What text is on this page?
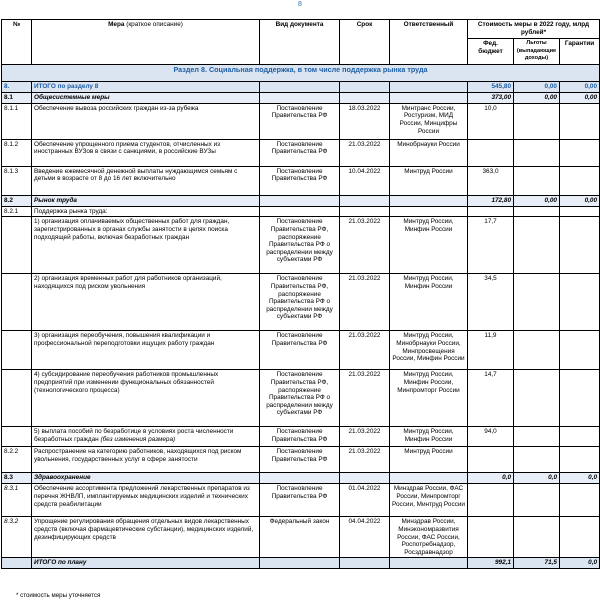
8
№	Мера (краткое описание)	Вид документа	Срок	Ответственный	Стоимость меры в 2022 году, млрд рублей*		
					Фед. бюджет	Льготы (выпадающие доходы)	Гарантии
Раздел 8. Социальная поддержка, в том числе поддержка рынка труда							
8.	ИТОГО по разделу 8				545,80	0,00	0,00
8.1	Общесистемные меры				373,00	0,00	0,00
8.1.1	Обеспечение вывоза российских граждан из-за рубежа	Постановление Правительства РФ	18.03.2022	Минтранс России, Ростуризм, МИД России, Минцифры России	10,0		
8.1.2	Обеспечение упрощенного приема студентов, отчисленных из иностранных ВУЗов в связи с санкциями, в российские ВУЗы	Постановление Правительства РФ	21.03.2022	Минобрнауки России			
8.1.3	Введение ежемесячной денежной выплаты нуждающимся семьям с детьми в возрасте от 8 до 16 лет включительно	Постановление Правительства РФ	10.04.2022	Минтруд России	363,0		
8.2	Рынок труда				172,80	0,00	0,00
8.2.1	Поддержка рынка труда:						
	1) организация оплачиваемых общественных работ для граждан, зарегистрированных в органах службы занятости в целях поиска подходящей работы, включая безработных граждан	Постановление Правительства РФ, распоряжение Правительства РФ о распределении между субъектами РФ	21.03.2022	Минтруд России, Минфин России	17,7		
	2) организация временных работ для работников организаций, находящихся под риском увольнения	Постановление Правительства РФ, распоряжение Правительства РФ о распределении между субъектами РФ	21.03.2022	Минтруд России, Минфин России	34,5		
	3) организация переобучения, повышения квалификации и профессиональной переподготовки ищущих работу граждан	Постановление Правительства РФ	21.03.2022	Минтруд России, Минобрнауки России, Минпросвещения России, Минфин России	11,9		
	4) субсидирование переобучения работников промышленных предприятий при изменении функциональных обязанностей (технологического процесса)	Постановление Правительства РФ, распоряжение Правительства РФ о распределении между субъектами РФ	21.03.2022	Минтруд России, Минфин России, Минпромторг России	14,7		
	5) выплата пособий по безработице в условиях роста численности безработных граждан (без изменения размера)	Постановление Правительства РФ	21.03.2022	Минтруд России, Минфин России	94,0		
8.2.2	Распространение на категорию работников, находящихся под риском увольнения, государственных услуг в сфере занятости	Постановление Правительства РФ	21.03.2022	Минтруд России			
8.3	Здравоохранение				0,0	0,0	0,0
8.3.1	Обеспечение ассортимента предложений лекарственных препаратов из перечня ЖНВЛП, имплантируемых медицинских изделий и технических средств реабилитации	Постановление Правительства РФ	01.04.2022	Минздрав России, ФАС России, Минпромторг России, Минтруд России			
8.3.2	Упрощение регулирования обращения отдельных видов лекарственных средств (включая фармацевтические субстанции), медицинских изделий, дезинфицирующих средств	Федеральный закон	04.04.2022	Минздрав России, Минэкономразвития России, ФАС России, Роспотребнадзор, Росздравнадзор			
	ИТОГО по плану				992,1	71,5	0,0
* стоимость меры уточняется
